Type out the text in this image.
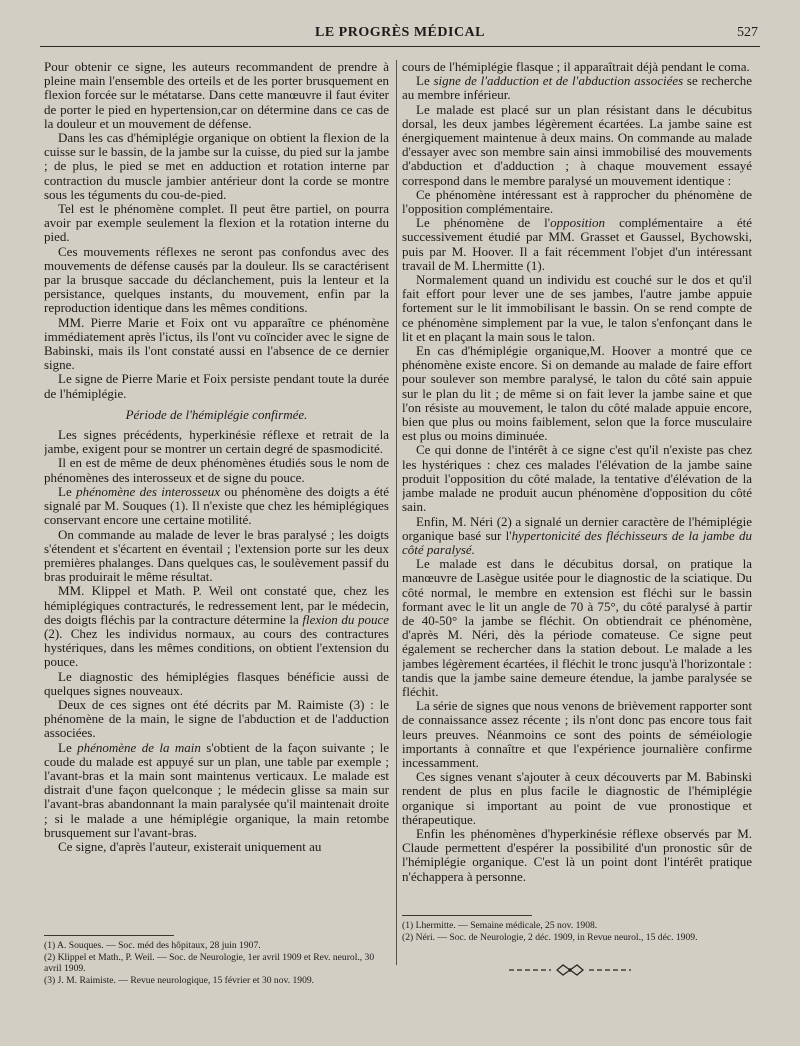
LE PROGRÈS MÉDICAL	527

Pour obtenir ce signe, les auteurs recommandent de prendre à pleine main l'ensemble des orteils et de les porter brusquement en flexion forcée sur le métatarse. Dans cette manœuvre il faut éviter de porter le pied en hypertension,car on détermine dans ce cas de la douleur et un mouvement de défense.

Dans les cas d'hémiplégie organique on obtient la flexion de la cuisse sur le bassin, de la jambe sur la cuisse, du pied sur la jambe ; de plus, le pied se met en adduction et rotation interne par contraction du muscle jambier antérieur dont la corde se montre sous les téguments du cou-de-pied.

Tel est le phénomène complet. Il peut être partiel, on pourra avoir par exemple seulement la flexion et la rotation interne du pied.

Ces mouvements réflexes ne seront pas confondus avec des mouvements de défense causés par la douleur. Ils se caractérisent par la brusque saccade du déclanchement, puis la lenteur et la persistance, quelques instants, du mouvement, enfin par la reproduction identique dans les mêmes conditions.

MM. Pierre Marie et Foix ont vu apparaître ce phénomène immédiatement après l'ictus, ils l'ont vu coïncider avec le signe de Babinski, mais ils l'ont constaté aussi en l'absence de ce dernier signe.

Le signe de Pierre Marie et Foix persiste pendant toute la durée de l'hémiplégie.

Période de l'hémiplégie confirmée.

Les signes précédents, hyperkinésie réflexe et retrait de la jambe, exigent pour se montrer un certain degré de spasmodicité.

Il en est de même de deux phénomènes étudiés sous le nom de phénomènes des interosseux et de signe du pouce.

Le phénomène des interosseux ou phénomène des doigts a été signalé par M. Souques (1). Il n'existe que chez les hémiplégiques conservant encore une certaine motilité.

On commande au malade de lever le bras paralysé ; les doigts s'étendent et s'écartent en éventail ; l'extension porte sur les deux premières phalanges. Dans quelques cas, le soulèvement passif du bras produirait le même résultat.

MM. Klippel et Math. P. Weil ont constaté que, chez les hémiplégiques contracturés, le redressement lent, par le médecin, des doigts fléchis par la contracture détermine la flexion du pouce (2). Chez les individus normaux, au cours des contractures hystériques, dans les mêmes conditions, on obtient l'extension du pouce.

Le diagnostic des hémiplégies flasques bénéficie aussi de quelques signes nouveaux.

Deux de ces signes ont été décrits par M. Raimiste (3) : le phénomène de la main, le signe de l'abduction et de l'adduction associées.

Le phénomène de la main s'obtient de la façon suivante ; le coude du malade est appuyé sur un plan, une table par exemple ; l'avant-bras et la main sont maintenus verticaux. Le malade est distrait d'une façon quelconque ; le médecin glisse sa main sur l'avant-bras abandonnant la main paralysée qu'il maintenait droite ; si le malade a une hémiplégie organique, la main retombe brusquement sur l'avant-bras.

Ce signe, d'après l'auteur, existerait uniquement au

(1) A. Souques. — Soc. méd des hôpitaux, 28 juin 1907.

(2) Klippel et Math., P. Weil. — Soc. de Neurologie, 1er avril 1909 et Rev. neurol., 30 avril 1909.

(3) J. M. Raimiste. — Revue neurologique, 15 février et 30 nov. 1909.

cours de l'hémiplégie flasque ; il apparaîtrait déjà pendant le coma.

Le signe de l'adduction et de l'abduction associées se recherche au membre inférieur.

Le malade est placé sur un plan résistant dans le décubitus dorsal, les deux jambes légèrement écartées. La jambe saine est énergiquement maintenue à deux mains. On commande au malade d'essayer avec son membre sain ainsi immobilisé des mouvements d'abduction et d'adduction ; à chaque mouvement essayé correspond dans le membre paralysé un mouvement identique :

Ce phénomène intéressant est à rapprocher du phénomène de l'opposition complémentaire.

Le phénomène de l'opposition complémentaire a été successivement étudié par MM. Grasset et Gaussel, Bychowski, puis par M. Hoover. Il a fait récemment l'objet d'un intéressant travail de M. Lhermitte (1).

Normalement quand un individu est couché sur le dos et qu'il fait effort pour lever une de ses jambes, l'autre jambe appuie fortement sur le lit immobilisant le bassin. On se rend compte de ce phénomène simplement par la vue, le talon s'enfonçant dans le lit et en plaçant la main sous le talon.

En cas d'hémiplégie organique,M. Hoover a montré que ce phénomène existe encore. Si on demande au malade de faire effort pour soulever son membre paralysé, le talon du côté sain appuie sur le plan du lit ; de même si on fait lever la jambe saine et que l'on résiste au mouvement, le talon du côté malade appuie encore, bien que plus ou moins faiblement, selon que la force musculaire est plus ou moins diminuée.

Ce qui donne de l'intérêt à ce signe c'est qu'il n'existe pas chez les hystériques : chez ces malades l'élévation de la jambe saine produit l'opposition du côté malade, la tentative d'élévation de la jambe malade ne produit aucun phénomène d'opposition du côté sain.

Enfin, M. Néri (2) a signalé un dernier caractère de l'hémiplégie organique basé sur l'hypertonicité des fléchisseurs de la jambe du côté paralysé.

Le malade est dans le décubitus dorsal, on pratique la manœuvre de Lasègue usitée pour le diagnostic de la sciatique. Du côté normal, le membre en extension est fléchi sur le bassin formant avec le lit un angle de 70 à 75°, du côté paralysé à partir de 40-50° la jambe se fléchit. On obtiendrait ce phénomène, d'après M. Néri, dès la période comateuse. Ce signe peut également se rechercher dans la station debout. Le malade a les jambes légèrement écartées, il fléchit le tronc jusqu'à l'horizontale : tandis que la jambe saine demeure étendue, la jambe paralysée se fléchit.

La série de signes que nous venons de brièvement rapporter sont de connaissance assez récente ; ils n'ont donc pas encore tous fait leurs preuves. Néanmoins ce sont des points de séméiologie importants à connaître et que l'expérience journalière confirme incessamment.

Ces signes venant s'ajouter à ceux découverts par M. Babinski rendent de plus en plus facile le diagnostic de l'hémiplégie organique si important au point de vue pronostique et thérapeutique.

Enfin les phénomènes d'hyperkinésie réflexe observés par M. Claude permettent d'espérer la possibilité d'un pronostic sûr de l'hémiplégie organique. C'est là un point dont l'intérêt pratique n'échappera à personne.

(1) Lhermitte. — Semaine médicale, 25 nov. 1908.

(2) Néri. — Soc. de Neurologie, 2 déc. 1909, in Revue neurol., 15 déc. 1909.
